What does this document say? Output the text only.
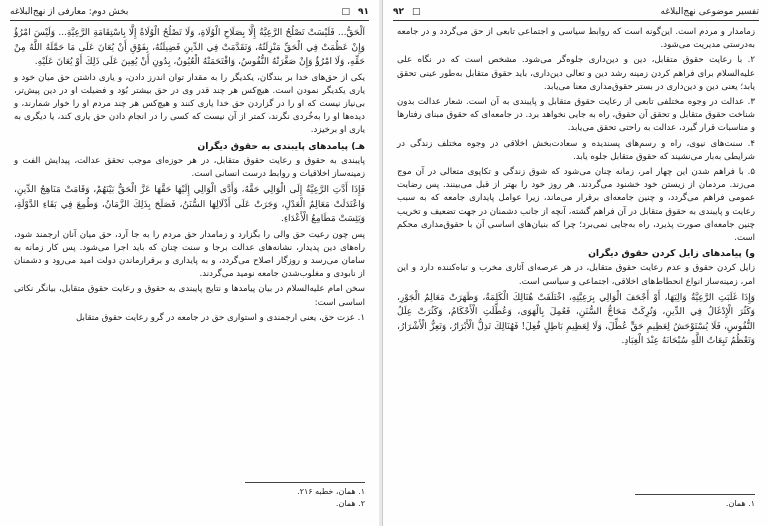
بخش دوم: معارفی از نهج‌البلاغه	□ ۹۱

اَلْحَقُّ... فَلَيْسَتْ تَصْلُحُ الرَّعِيَّةُ إِلَّا بِصَلَاحِ الْوُلَاةِ، وَلَا تَصْلُحُ الْوُلَاةُ إِلَّا بِاسْتِقَامَةِ الرَّعِيَّةِ... وَلَيْسَ امْرُؤٌ وَإِنْ عَظُمَتْ فِي الْحَقِّ مَنْزِلَتُهُ، وَتَقَدَّمَتْ فِي الدِّينِ فَضِيلَتُهُ، بِفَوْقِ أَنْ يُعَانَ عَلَى مَا حَمَّلَهُ اللَّهُ مِنْ حَقِّهِ، وَلَا امْرُؤٌ وَإِنْ صَغَّرَتْهُ النُّفُوسُ، وَاقْتَحَمَتْهُ الْعُيُونُ، بِدُونِ أَنْ يُعِينَ عَلَى ذَلِكَ أَوْ يُعَانَ عَلَيْهِ.

یکی از حق‌های خدا بر بندگان، یکدیگر را به مقدار توان اندرز دادن، و یاری داشتن حق میان خود و یاری یکدیگر نمودن است. هیچ‌کس هر چند قدر وی در حق بیشتر بُوَد و فضیلت او در دین پیش‌تر، بی‌نیاز نیست که او را در گزاردن حق خدا یاری کنند و هیچ‌کس هر چند مردم او را خوار شمارند، و دیده‌ها او را به‌خُردی نگرند، کمتر از آن نیست که کسی را در انجام دادن حق یاری کند، یا دیگری به یاری او برخیزد.

هـ) پیامدهای پایبندی به حقوق دیگران

پایبندی به حقوق و رعایت حقوق متقابل، در هر حوزه‌ای موجب تحقق عدالت، پیدایش الفت و زمینه‌ساز اخلاقیات و روابط درست انسانی است.

فَإِذَا أَدَّتِ الرَّعِيَّةُ إِلَى الْوَالِي حَقَّهُ، وَأَدَّى الْوَالِي إِلَيْهَا حَقَّهَا عَزَّ الْحَقُّ بَيْنَهُمْ، وَقَامَتْ مَنَاهِجُ الدِّينِ، وَاعْتَدَلَتْ مَعَالِمُ الْعَدْلِ، وَجَرَتْ عَلَى أَذْلَالِهَا السُّنَنُ، فَصَلَحَ بِذَلِكَ الزَّمَانُ، وَطُمِعَ فِي بَقَاءِ الدَّوْلَةِ، وَيَئِسَتْ مَطَامِعُ الْأَعْدَاءِ.

پس چون رعیت حق والی را بگزارد و زمامدار حق مردم را به جا آرد، حق میان آنان ارجمند شود، راه‌های دین پدیدار، نشانه‌های عدالت برجا و سنت چنان که باید اجرا می‌شود. پس کار زمانه به سامان می‌رسد و روزگار اصلاح می‌گردد، و به پایداری و برقرارماندن دولت امید می‌رود و دشمنان از نابودی و مغلوب‌شدن جامعه نومید می‌گردند.

سخن امام علیه‌السلام در بیان پیامدها و نتایج پایبندی به حقوق و رعایت حقوق متقابل، بیانگر نکاتی اساسی است:

۱. عزت حق، یعنی ارجمندی و استواری حق در جامعه در گرو رعایت حقوق متقابل

۱. همان، خطبه ۲۱۶.
۲. همان.
۹۲ □	تفسیر موضوعی نهج‌البلاغه

زمامدار و مردم است. این‌گونه است که روابط سیاسی و اجتماعی تابعی از حق می‌گردد و در جامعه به‌درستی مدیریت می‌شود.

۲. با رعایت حقوق متقابل، دین و دین‌داری جلوه‌گر می‌شود. مشخص است که در نگاه علی علیه‌السلام برای فراهم کردن زمینه رشد دین و تعالی دین‌داری، باید حقوق متقابل به‌طور عینی تحقق یابد؛ یعنی دین و دین‌داری در بستر حقوق‌مداری معنا می‌یابد.

۳. عدالت در وجوه مختلفی تابعی از رعایت حقوق متقابل و پایبندی به آن است. شعار عدالت بدون شناخت حقوق متقابل و تحقق آن حقوق، راه به جایی نخواهد برد. در جامعه‌ای که حقوق مبنای رفتارها و مناسبات قرار گیرد، عدالت به راحتی تحقق می‌یابد.

۴. سنت‌های نیوی، راه و رسم‌های پسندیده و سعادت‌بخش اخلاقی در وجوه مختلف زندگی در شرایطی به‌بار می‌نشیند که حقوق متقابل جلوه یابد.

۵. با فراهم شدن این چهار امر، زمانه چنان می‌شود که شوق زندگی و تکاپوی متعالی در آن موج می‌زند. مردمان از زیستن خود خشنود می‌گردند. هر روز خود را بهتر از قبل می‌بینند. پس رضایت عمومی فراهم می‌گردد، و چنین جامعه‌ای برقرار می‌ماند، زیرا عوامل پایداری جامعه که به سبب رعایت و پایبندی به حقوق متقابل در آن فراهم گشته، آنچه از جانب دشمنان در جهت تضعیف و تخریب چنین جامعه‌ای صورت پذیرد، راه به‌جایی نمی‌برد؛ چرا که بنیان‌های اساسی آن با حقوق‌مداری محکم است.

و) پیامدهای زایل کردن حقوق دیگران

زایل کردن حقوق و عدم رعایت حقوق متقابل، در هر عرصه‌ای آثاری مخرب و تباه‌کننده دارد و این امر، زمینه‌ساز انواع انحطاط‌های اخلاقی، اجتماعی و سیاسی است.

وَإِذَا غَلَبَتِ الرَّعِيَّةُ وَالِيَهَا، أَوْ أَجْحَفَ الْوَالِي بِرَعِيَّتِهِ، اخْتَلَفَتْ هُنَالِكَ الْكَلِمَةُ، وَظَهَرَتْ مَعَالِمُ الْجَوْرِ، وَكَثُرَ الْإِدْغَالُ فِي الدِّينِ، وَتُرِكَتْ مَحَاجُّ السُّنَنِ، فَعُمِلَ بِالْهَوَى، وَعُطِّلَتِ الْأَحْكَامُ، وَكَثُرَتْ عِلَلُ النُّفُوسِ، فَلَا يُسْتَوْحَشُ لِعَظِيمِ حَقٍّ عُطِّلَ، وَلَا لِعَظِيمِ بَاطِلٍ فُعِلَ! فَهُنَالِكَ تَذِلُّ الْأَبْرَارُ، وَتَعِزُّ الْأَشْرَارُ، وَتَعْظُمُ تَبِعَاتُ اللَّهِ سُبْحَانَهُ عِنْدَ الْعِبَادِ.

۱. همان.
